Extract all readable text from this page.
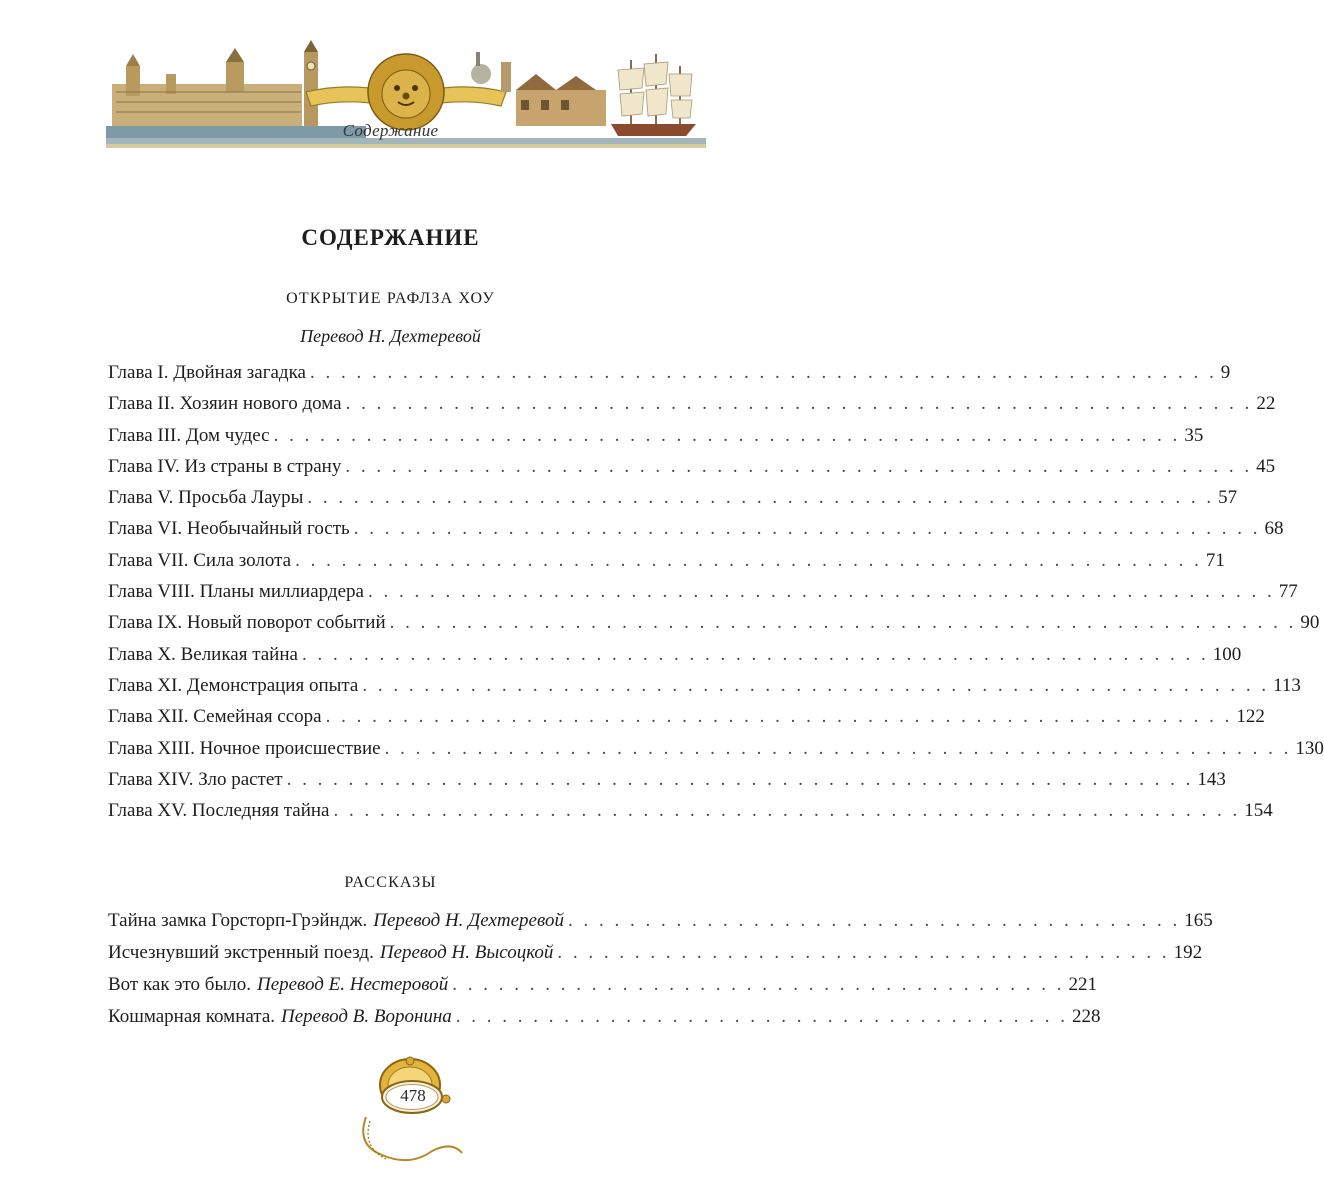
Содержание
СОДЕРЖАНИЕ
ОТКРЫТИЕ РАФЛЗА ХОУ
Перевод Н. Дехтеревой
Глава I. Двойная загадка . . . . . . . . . . . . . . . . . . . . . . . . . . . . . . . . . . . . . . . . . . . . . . . . . . . . . . . . . . . 9
Глава II. Хозяин нового дома . . . . . . . . . . . . . . . . . . . . . . . . . . . . . . . . . . . . . . . . . . . . . . . . . . . . . . . . . . . 22
Глава III. Дом чудес . . . . . . . . . . . . . . . . . . . . . . . . . . . . . . . . . . . . . . . . . . . . . . . . . . . . . . . . . . . 35
Глава IV. Из страны в страну . . . . . . . . . . . . . . . . . . . . . . . . . . . . . . . . . . . . . . . . . . . . . . . . . . . . . . . . . . . 45
Глава V. Просьба Лауры . . . . . . . . . . . . . . . . . . . . . . . . . . . . . . . . . . . . . . . . . . . . . . . . . . . . . . . . . . . 57
Глава VI. Необычайный гость . . . . . . . . . . . . . . . . . . . . . . . . . . . . . . . . . . . . . . . . . . . . . . . . . . . . . . . . . . . 68
Глава VII. Сила золота . . . . . . . . . . . . . . . . . . . . . . . . . . . . . . . . . . . . . . . . . . . . . . . . . . . . . . . . . . . 71
Глава VIII. Планы миллиардера . . . . . . . . . . . . . . . . . . . . . . . . . . . . . . . . . . . . . . . . . . . . . . . . . . . . . . . . . . . 77
Глава IX. Новый поворот событий . . . . . . . . . . . . . . . . . . . . . . . . . . . . . . . . . . . . . . . . . . . . . . . . . . . . . . . . . . . 90
Глава X. Великая тайна . . . . . . . . . . . . . . . . . . . . . . . . . . . . . . . . . . . . . . . . . . . . . . . . . . . . . . . . . . . 100
Глава XI. Демонстрация опыта . . . . . . . . . . . . . . . . . . . . . . . . . . . . . . . . . . . . . . . . . . . . . . . . . . . . . . . . . . . 113
Глава XII. Семейная ссора . . . . . . . . . . . . . . . . . . . . . . . . . . . . . . . . . . . . . . . . . . . . . . . . . . . . . . . . . . . 122
Глава XIII. Ночное происшествие . . . . . . . . . . . . . . . . . . . . . . . . . . . . . . . . . . . . . . . . . . . . . . . . . . . . . . . . . . . 130
Глава XIV. Зло растет . . . . . . . . . . . . . . . . . . . . . . . . . . . . . . . . . . . . . . . . . . . . . . . . . . . . . . . . . . . 143
Глава XV. Последняя тайна . . . . . . . . . . . . . . . . . . . . . . . . . . . . . . . . . . . . . . . . . . . . . . . . . . . . . . . . . . . 154
РАССКАЗЫ
Тайна замка Горсторп-Грэйндж. Перевод Н. Дехтеревой . . . . . . . . . . . . . . . . . . . . . . . . . . . . . . . . . . . . . . . . 165
Исчезнувший экстренный поезд. Перевод Н. Высоцкой . . . . . . . . . . . . . . . . . . . . . . . . . . . . . . . . . . . . . . . . 192
Вот как это было. Перевод Е. Нестеровой . . . . . . . . . . . . . . . . . . . . . . . . . . . . . . . . . . . . . . . . 221
Кошмарная комната. Перевод В. Воронина . . . . . . . . . . . . . . . . . . . . . . . . . . . . . . . . . . . . . . . . 228
478
